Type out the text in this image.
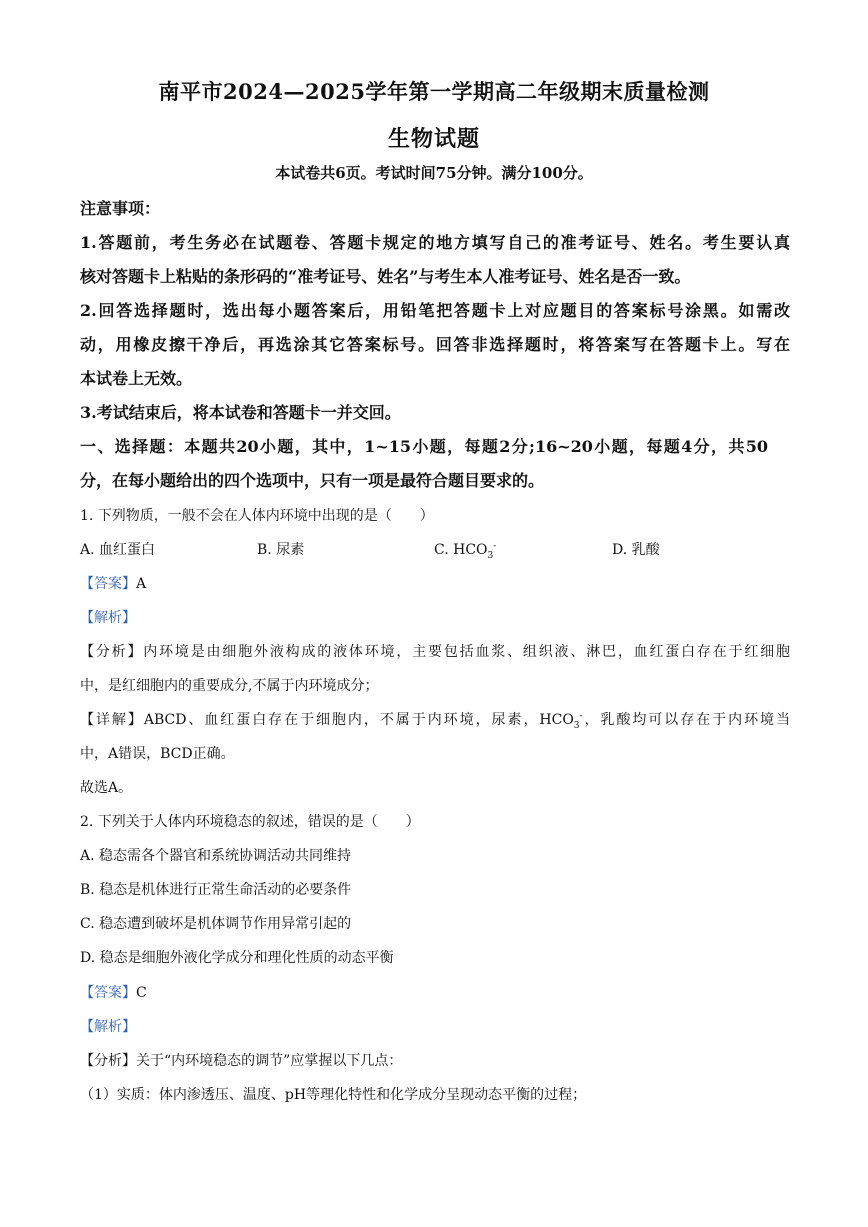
南平市2024—2025学年第一学期高二年级期末质量检测
生物试题
本试卷共6页。考试时间75分钟。满分100分。
注意事项：
1.答题前，考生务必在试题卷、答题卡规定的地方填写自己的准考证号、姓名。考生要认真
核对答题卡上粘贴的条形码的“准考证号、姓名”与考生本人准考证号、姓名是否一致。
2.回答选择题时，选出每小题答案后，用铅笔把答题卡上对应题目的答案标号涂黑。如需改
动，用橡皮擦干净后，再选涂其它答案标号。回答非选择题时，将答案写在答题卡上。写在
本试卷上无效。
3.考试结束后，将本试卷和答题卡一并交回。
一、选择题：本题共20小题，其中，1~15小题，每题2分;16~20小题，每题4分，共50
分，在每小题给出的四个选项中，只有一项是最符合题目要求的。
1. 下列物质，一般不会在人体内环境中出现的是（　　）
A. 血红蛋白	B. 尿素	C. $HCO_3^-$	D. 乳酸
【答案】A
【解析】
【分析】内环境是由细胞外液构成的液体环境，主要包括血浆、组织液、淋巴，血红蛋白存在于红细胞
中，是红细胞内的重要成分,不属于内环境成分；
【详解】ABCD、血红蛋白存在于细胞内，不属于内环境，尿素，$HCO_3^-$，乳酸均可以存在于内环境当
中，A错误，BCD正确。
故选A。
2. 下列关于人体内环境稳态的叙述，错误的是（　　）
A. 稳态需各个器官和系统协调活动共同维持
B. 稳态是机体进行正常生命活动的必要条件
C. 稳态遭到破坏是机体调节作用异常引起的
D. 稳态是细胞外液化学成分和理化性质的动态平衡
【答案】C
【解析】
【分析】关于“内环境稳态的调节”应掌握以下几点：
（1）实质：体内渗透压、温度、pH等理化特性和化学成分呈现动态平衡的过程；
